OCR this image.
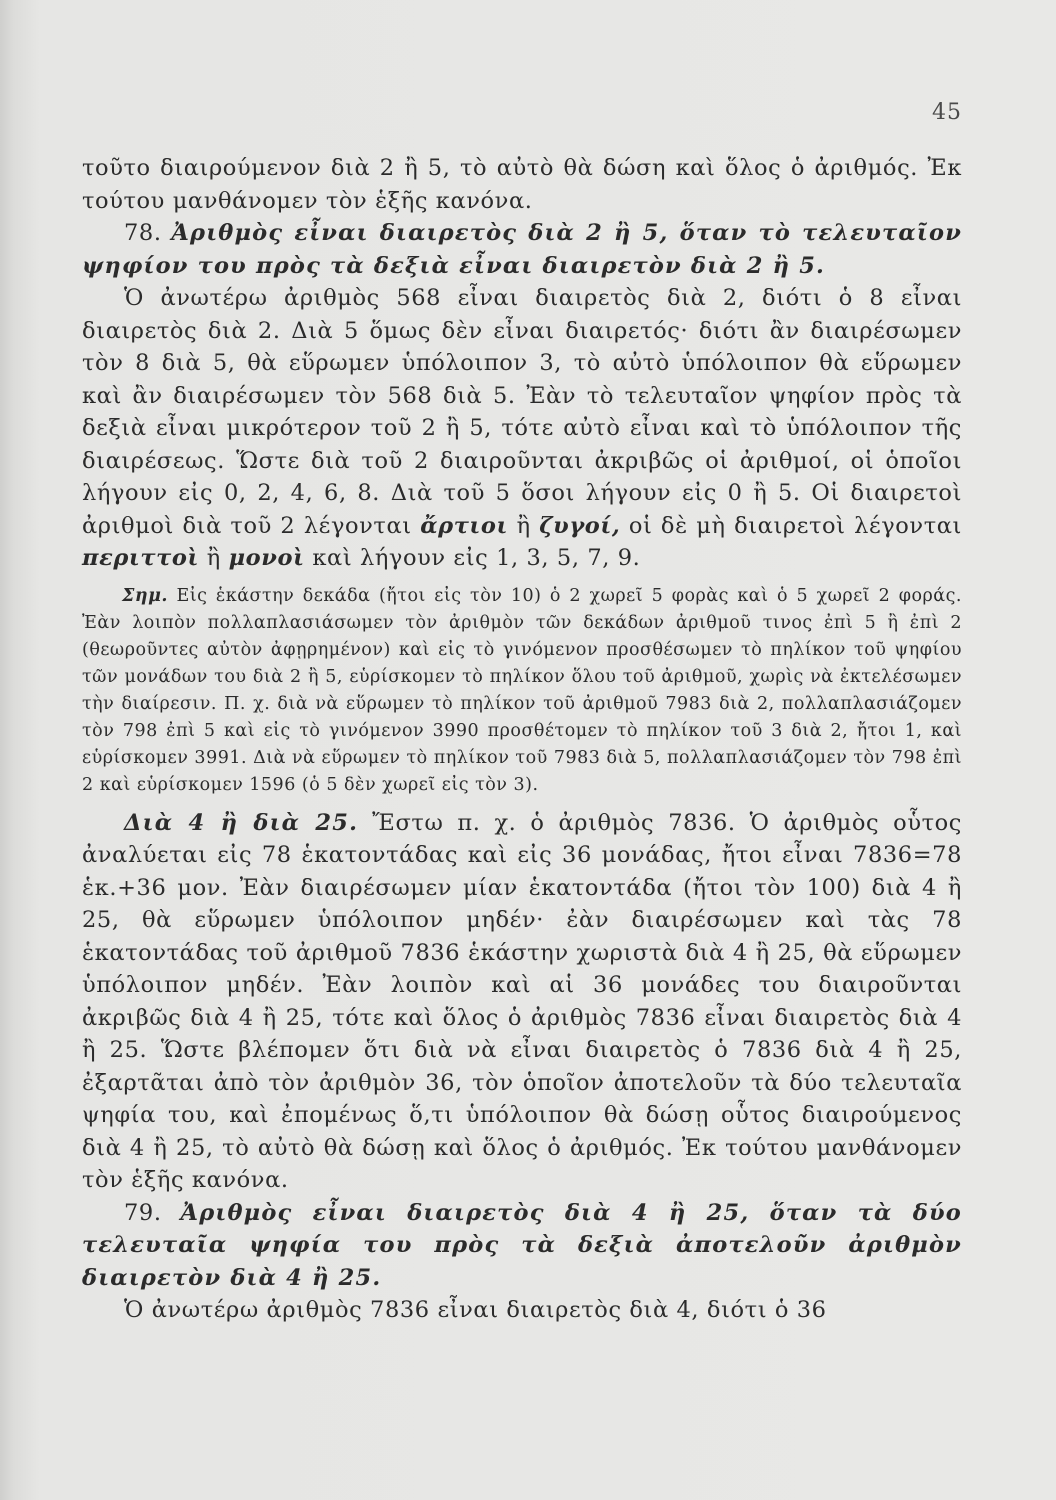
45

τοῦτο διαιρούμενον διὰ 2 ἢ 5, τὸ αὐτὸ θὰ δώση καὶ ὅλος ὁ ἀριθμός. Ἐκ τούτου μανθάνομεν τὸν ἑξῆς κανόνα.

78. Ἀριθμὸς εἶναι διαιρετὸς διὰ 2 ἢ 5, ὅταν τὸ τελευταῖον ψηφίον του πρὸς τὰ δεξιὰ εἶναι διαιρετὸν διὰ 2 ἢ 5.

Ὁ ἀνωτέρω ἀριθμὸς 568 εἶναι διαιρετὸς διὰ 2, διότι ὁ 8 εἶναι διαιρετὸς διὰ 2. Διὰ 5 ὅμως δὲν εἶναι διαιρετός· διότι ἂν διαιρέσωμεν τὸν 8 διὰ 5, θὰ εὕρωμεν ὑπόλοιπον 3, τὸ αὐτὸ ὑπόλοιπον θὰ εὕρωμεν καὶ ἂν διαιρέσωμεν τὸν 568 διὰ 5. Ἐὰν τὸ τελευταῖον ψηφίον πρὸς τὰ δεξιὰ εἶναι μικρότερον τοῦ 2 ἢ 5, τότε αὐτὸ εἶναι καὶ τὸ ὑπόλοιπον τῆς διαιρέσεως. Ὥστε διὰ τοῦ 2 διαιροῦνται ἀκριβῶς οἱ ἀριθμοί, οἱ ὁποῖοι λήγουν εἰς 0, 2, 4, 6, 8. Διὰ τοῦ 5 ὅσοι λήγουν εἰς 0 ἢ 5. Οἱ διαιρετοὶ ἀριθμοὶ διὰ τοῦ 2 λέγονται ἄρτιοι ἢ ζυγοί, οἱ δὲ μὴ διαιρετοὶ λέγονται περιττοὶ ἢ μονοὶ καὶ λήγουν εἰς 1, 3, 5, 7, 9.

Σημ. Εἰς ἑκάστην δεκάδα (ἤτοι εἰς τὸν 10) ὁ 2 χωρεῖ 5 φορὰς καὶ ὁ 5 χωρεῖ 2 φοράς. Ἐὰν λοιπὸν πολλαπλασιάσωμεν τὸν ἀριθμὸν τῶν δεκάδων ἀριθμοῦ τινος ἐπὶ 5 ἢ ἐπὶ 2 (θεωροῦντες αὐτὸν ἀφῃρημένον) καὶ εἰς τὸ γινόμενον προσθέσωμεν τὸ πηλίκον τοῦ ψηφίου τῶν μονάδων του διὰ 2 ἢ 5, εὑρίσκομεν τὸ πηλίκον ὅλου τοῦ ἀριθμοῦ, χωρὶς νὰ ἐκτελέσωμεν τὴν διαίρεσιν. Π. χ. διὰ νὰ εὕρωμεν τὸ πηλίκον τοῦ ἀριθμοῦ 7983 διὰ 2, πολλαπλασιάζομεν τὸν 798 ἐπὶ 5 καὶ εἰς τὸ γινόμενον 3990 προσθέτομεν τὸ πηλίκον τοῦ 3 διὰ 2, ἤτοι 1, καὶ εὑρίσκομεν 3991. Διὰ νὰ εὕρωμεν τὸ πηλίκον τοῦ 7983 διὰ 5, πολλαπλασιάζομεν τὸν 798 ἐπὶ 2 καὶ εὑρίσκομεν 1596 (ὁ 5 δὲν χωρεῖ εἰς τὸν 3).

Διὰ 4 ἢ διὰ 25. Ἔστω π. χ. ὁ ἀριθμὸς 7836. Ὁ ἀριθμὸς οὗτος ἀναλύεται εἰς 78 ἑκατοντάδας καὶ εἰς 36 μονάδας, ἤτοι εἶναι 7836=78 ἑκ.+36 μον. Ἐὰν διαιρέσωμεν μίαν ἑκατοντάδα (ἤτοι τὸν 100) διὰ 4 ἢ 25, θὰ εὕρωμεν ὑπόλοιπον μηδέν· ἐὰν διαιρέσωμεν καὶ τὰς 78 ἑκατοντάδας τοῦ ἀριθμοῦ 7836 ἑκάστην χωριστὰ διὰ 4 ἢ 25, θὰ εὕρωμεν ὑπόλοιπον μηδέν. Ἐὰν λοιπὸν καὶ αἱ 36 μονάδες του διαιροῦνται ἀκριβῶς διὰ 4 ἢ 25, τότε καὶ ὅλος ὁ ἀριθμὸς 7836 εἶναι διαιρετὸς διὰ 4 ἢ 25. Ὥστε βλέπομεν ὅτι διὰ νὰ εἶναι διαιρετὸς ὁ 7836 διὰ 4 ἢ 25, ἐξαρτᾶται ἀπὸ τὸν ἀριθμὸν 36, τὸν ὁποῖον ἀποτελοῦν τὰ δύο τελευταῖα ψηφία του, καὶ ἐπομένως ὅ,τι ὑπόλοιπον θὰ δώσῃ οὗτος διαιρούμενος διὰ 4 ἢ 25, τὸ αὐτὸ θὰ δώσῃ καὶ ὅλος ὁ ἀριθμός. Ἐκ τούτου μανθάνομεν τὸν ἑξῆς κανόνα.

79. Ἀριθμὸς εἶναι διαιρετὸς διὰ 4 ἢ 25, ὅταν τὰ δύο τελευταῖα ψηφία του πρὸς τὰ δεξιὰ ἀποτελοῦν ἀριθμὸν διαιρετὸν διὰ 4 ἢ 25.

Ὁ ἀνωτέρω ἀριθμὸς 7836 εἶναι διαιρετὸς διὰ 4, διότι ὁ 36
